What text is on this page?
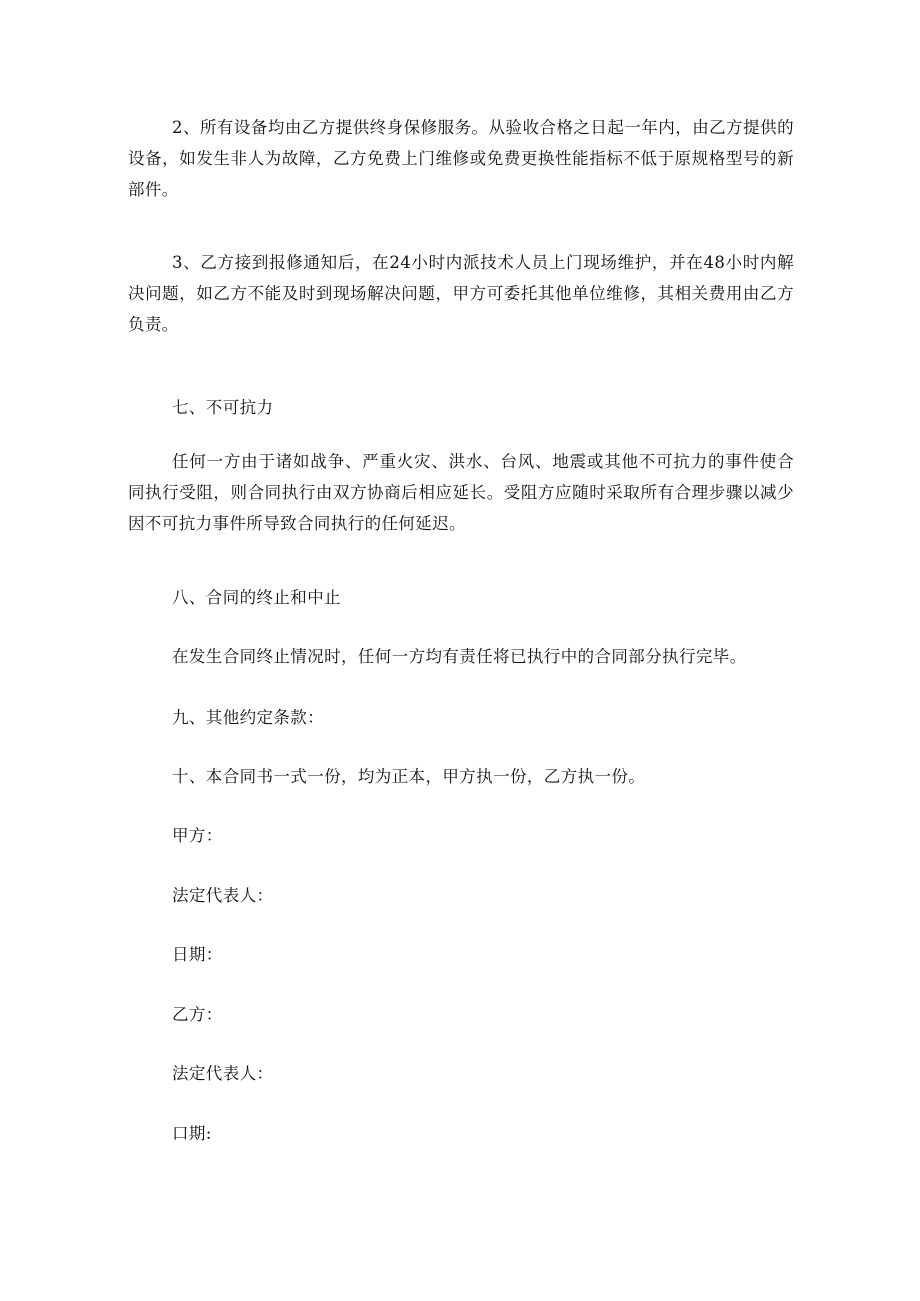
2、所有设备均由乙方提供终身保修服务。从验收合格之日起一年内，由乙方提供的设备，如发生非人为故障，乙方免费上门维修或免费更换性能指标不低于原规格型号的新部件。

3、乙方接到报修通知后，在24小时内派技术人员上门现场维护，并在48小时内解决问题，如乙方不能及时到现场解决问题，甲方可委托其他单位维修，其相关费用由乙方负责。

七、不可抗力

任何一方由于诸如战争、严重火灾、洪水、台风、地震或其他不可抗力的事件使合同执行受阻，则合同执行由双方协商后相应延长。受阻方应随时采取所有合理步骤以减少因不可抗力事件所导致合同执行的任何延迟。

八、合同的终止和中止

在发生合同终止情况时，任何一方均有责任将已执行中的合同部分执行完毕。

九、其他约定条款：

十、本合同书一式一份，均为正本，甲方执一份，乙方执一份。

甲方：

法定代表人：

日期：

乙方：

法定代表人：

口期:
